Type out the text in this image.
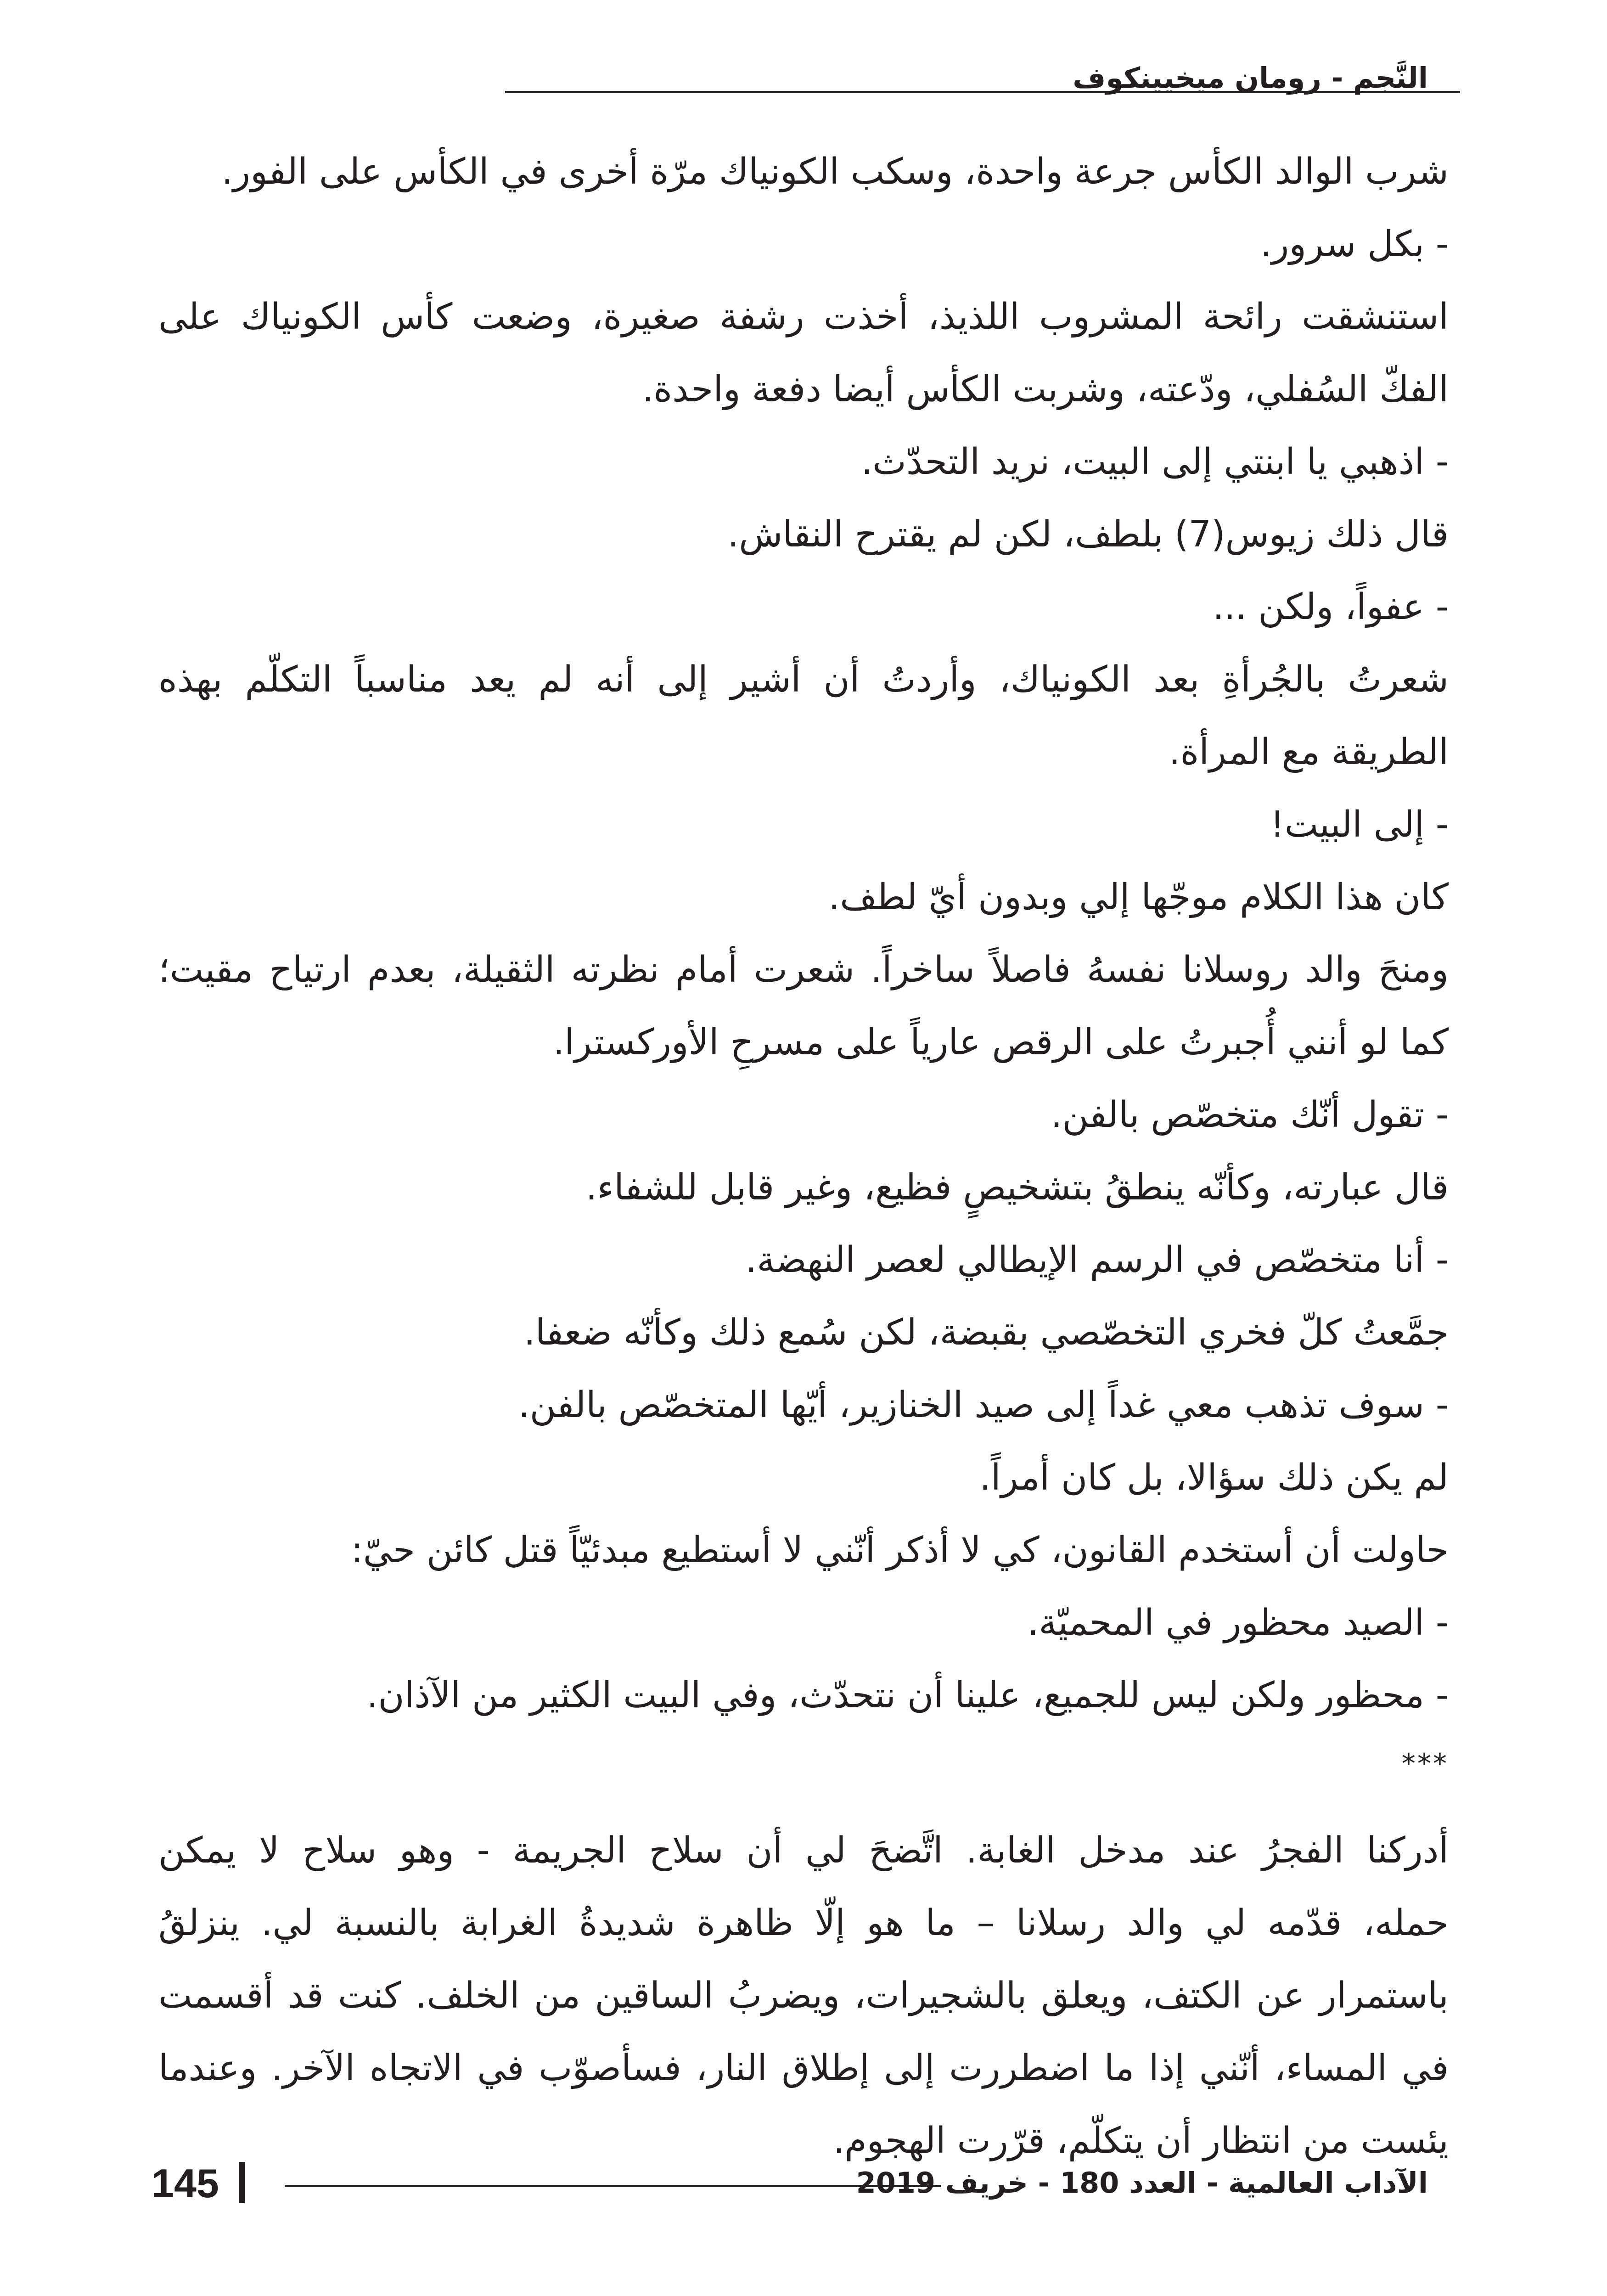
النَّجم - رومان ميخيينكوف
شرب الوالد الكأس جرعة واحدة، وسكب الكونياك مرّة أخرى في الكأس على الفور.
- بكل سرور.
استنشقت رائحة المشروب اللذيذ، أخذت رشفة صغيرة، وضعت كأس الكونياك على
الفكّ السُفلي، ودّعته، وشربت الكأس أيضا دفعة واحدة.
- اذهبي يا ابنتي إلى البيت، نريد التحدّث.
قال ذلك زيوس(7) بلطف، لكن لم يقترح النقاش.
- عفواً، ولكن ...
شعرتُ بالجُرأةِ بعد الكونياك، وأردتُ أن أشير إلى أنه لم يعد مناسباً التكلّم بهذه
الطريقة مع المرأة.
- إلى البيت!
كان هذا الكلام موجّها إلي وبدون أيّ لطف.
ومنحَ والد روسلانا نفسهُ فاصلاً ساخراً. شعرت أمام نظرته الثقيلة، بعدم ارتياح مقيت؛
كما لو أنني أُجبرتُ على الرقص عارياً على مسرحِ الأوركسترا.
- تقول أنّك متخصّص بالفن.
قال عبارته، وكأنّه ينطقُ بتشخيصٍ فظيع، وغير قابل للشفاء.
- أنا متخصّص في الرسم الإيطالي لعصر النهضة.
جمَّعتُ كلّ فخري التخصّصي بقبضة، لكن سُمع ذلك وكأنّه ضعفا.
- سوف تذهب معي غداً إلى صيد الخنازير، أيّها المتخصّص بالفن.
لم يكن ذلك سؤالا، بل كان أمراً.
حاولت أن أستخدم القانون، كي لا أذكر أنّني لا أستطيع مبدئيّاً قتل كائن حيّ:
- الصيد محظور في المحميّة.
- محظور ولكن ليس للجميع، علينا أن نتحدّث، وفي البيت الكثير من الآذان.
***
أدركنا الفجرُ عند مدخل الغابة. اتَّضحَ لي أن سلاح الجريمة - وهو سلاح لا يمكن
حمله، قدّمه لي والد رسلانا – ما هو إلّا ظاهرة شديدةُ الغرابة بالنسبة لي. ينزلقُ
باستمرار عن الكتف، ويعلق بالشجيرات، ويضربُ الساقين من الخلف. كنت قد أقسمت
في المساء، أنّني إذا ما اضطررت إلى إطلاق النار، فسأصوّب في الاتجاه الآخر. وعندما
يئست من انتظار أن يتكلّم، قرّرت الهجوم.
145	الآداب العالمية - العدد 180 - خريف 2019
